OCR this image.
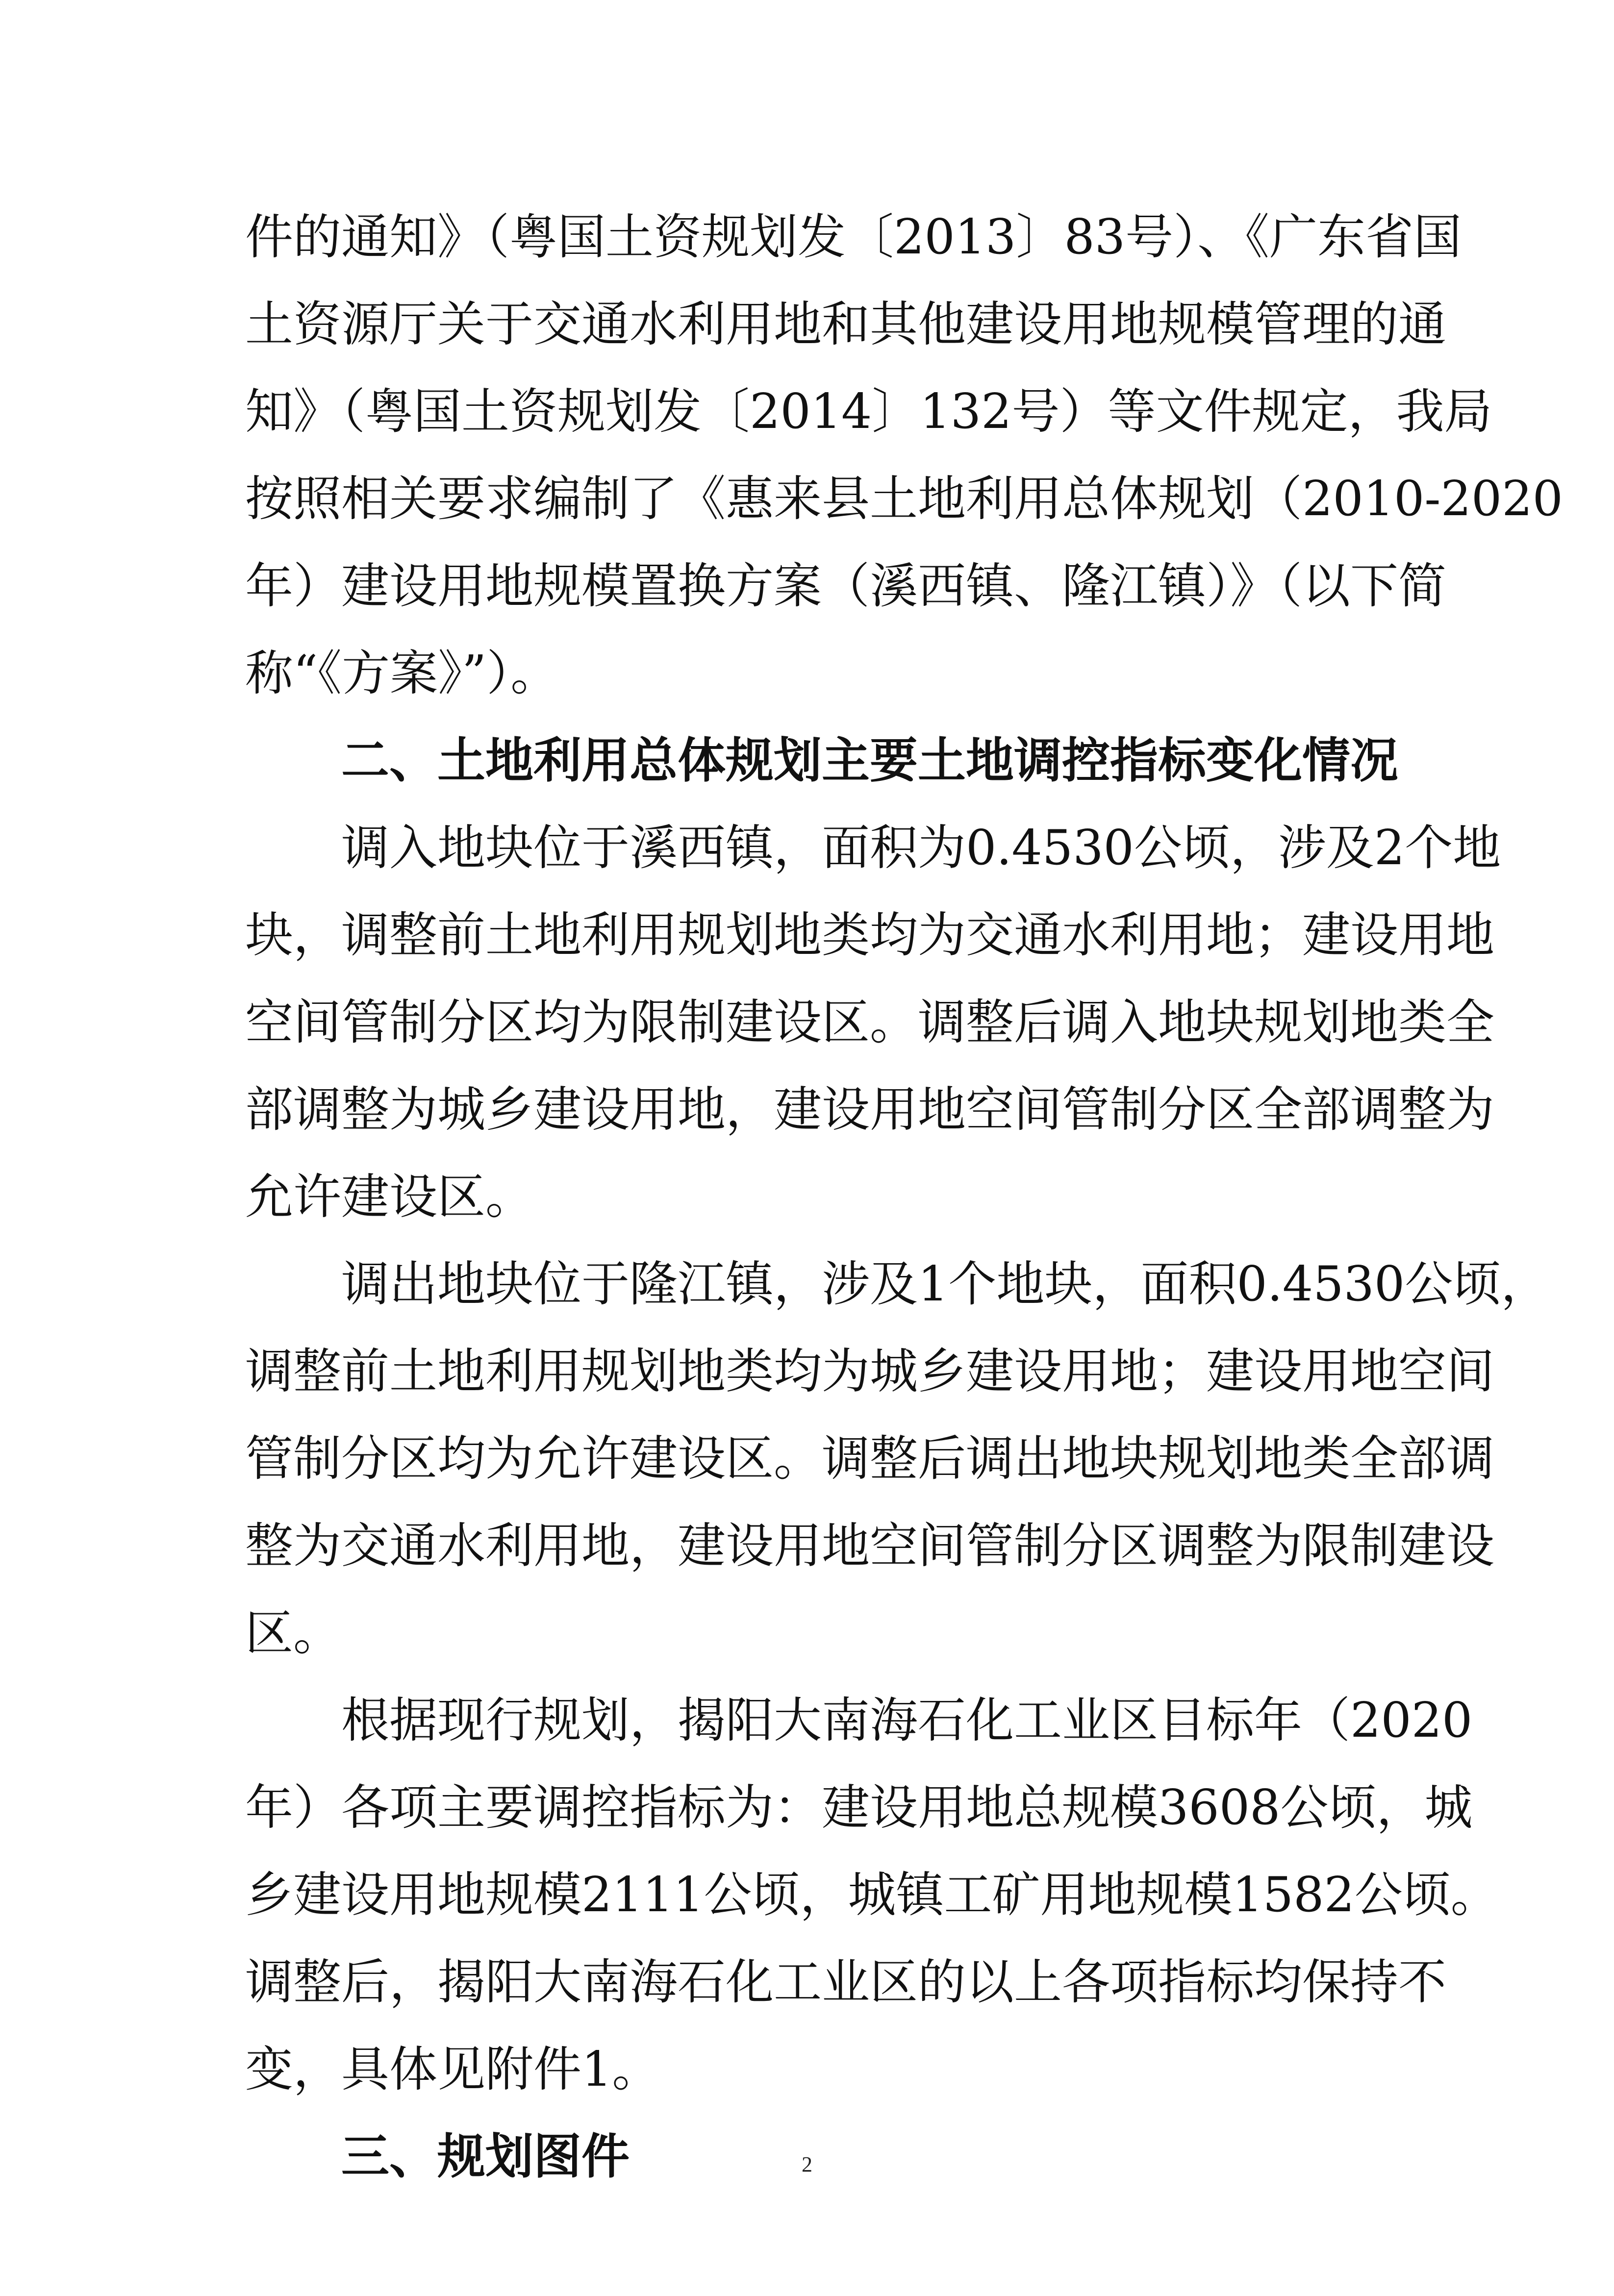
件的通知》（粤国土资规划发〔2013〕83号）、《广东省国
土资源厅关于交通水利用地和其他建设用地规模管理的通
知》（粤国土资规划发〔2014〕132号）等文件规定，我局
按照相关要求编制了《惠来县土地利用总体规划（2010-2020
年）建设用地规模置换方案（溪西镇、隆江镇）》（以下简
称“《方案》”）。
二、土地利用总体规划主要土地调控指标变化情况
调入地块位于溪西镇，面积为0.4530公顷，涉及2个地
块，调整前土地利用规划地类均为交通水利用地；建设用地
空间管制分区均为限制建设区。调整后调入地块规划地类全
部调整为城乡建设用地，建设用地空间管制分区全部调整为
允许建设区。
调出地块位于隆江镇，涉及1个地块，面积0.4530公顷，
调整前土地利用规划地类均为城乡建设用地；建设用地空间
管制分区均为允许建设区。调整后调出地块规划地类全部调
整为交通水利用地，建设用地空间管制分区调整为限制建设
区。
根据现行规划，揭阳大南海石化工业区目标年（2020
年）各项主要调控指标为：建设用地总规模3608公顷，城
乡建设用地规模2111公顷，城镇工矿用地规模1582公顷。
调整后，揭阳大南海石化工业区的以上各项指标均保持不
变，具体见附件1。
三、规划图件	2
